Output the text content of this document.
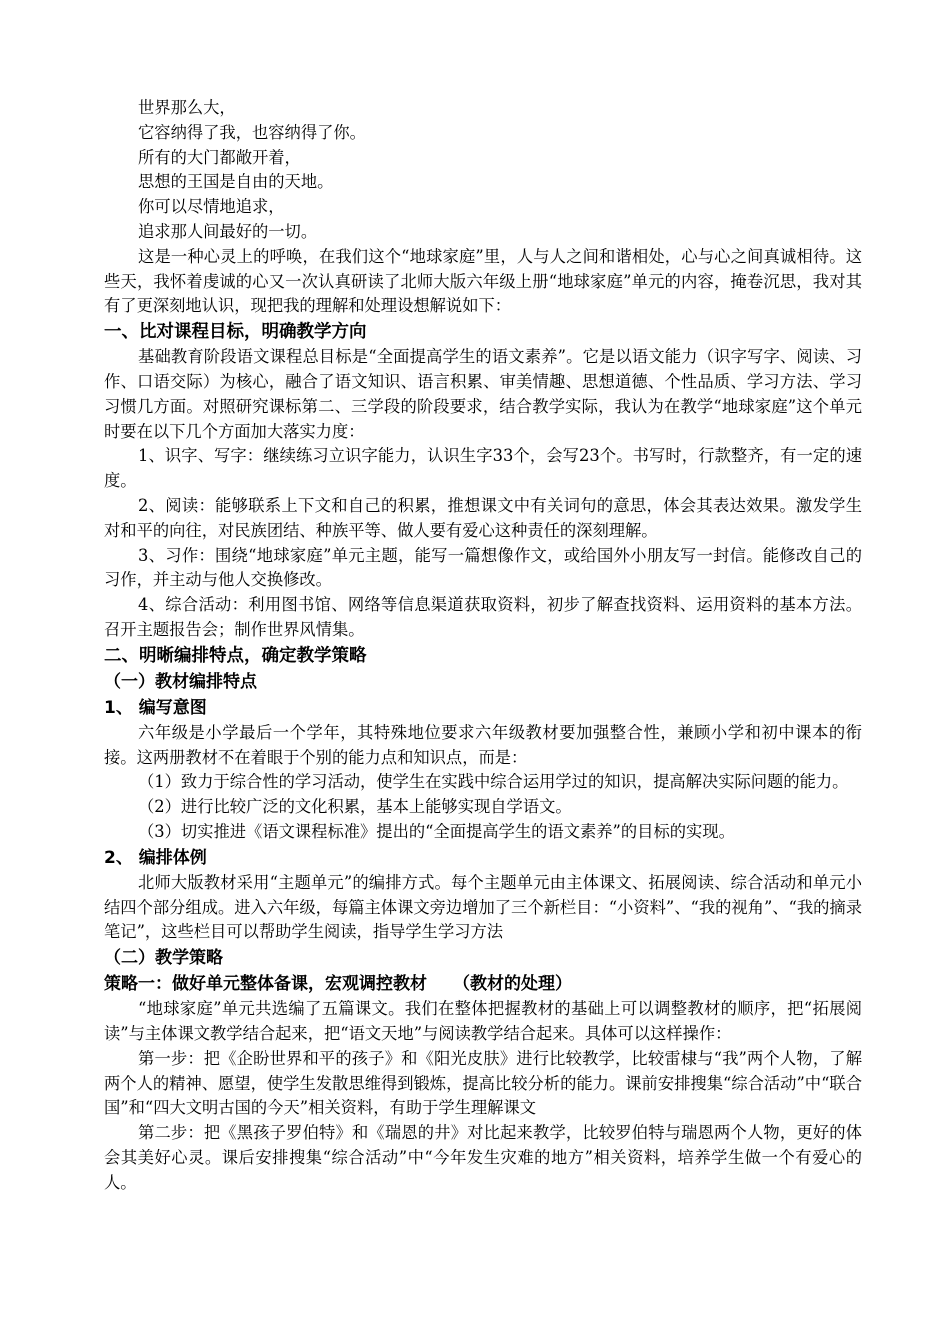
世界那么大，

它容纳得了我，也容纳得了你。

所有的大门都敞开着，

思想的王国是自由的天地。

你可以尽情地追求，

追求那人间最好的一切。

这是一种心灵上的呼唤，在我们这个“地球家庭”里，人与人之间和谐相处，心与心之间真诚相待。这些天，我怀着虔诚的心又一次认真研读了北师大版六年级上册“地球家庭”单元的内容，掩卷沉思，我对其有了更深刻地认识，现把我的理解和处理设想解说如下：

一、比对课程目标，明确教学方向

基础教育阶段语文课程总目标是“全面提高学生的语文素养”。它是以语文能力（识字写字、阅读、习作、口语交际）为核心，融合了语文知识、语言积累、审美情趣、思想道德、个性品质、学习方法、学习习惯几方面。对照研究课标第二、三学段的阶段要求，结合教学实际，我认为在教学“地球家庭”这个单元时要在以下几个方面加大落实力度：

1、识字、写字：继续练习立识字能力，认识生字33个，会写23个。书写时，行款整齐，有一定的速度。

2、阅读：能够联系上下文和自己的积累，推想课文中有关词句的意思，体会其表达效果。激发学生对和平的向往，对民族团结、种族平等、做人要有爱心这种责任的深刻理解。

3、习作：围绕“地球家庭”单元主题，能写一篇想像作文，或给国外小朋友写一封信。能修改自己的习作，并主动与他人交换修改。

4、综合活动：利用图书馆、网络等信息渠道获取资料，初步了解查找资料、运用资料的基本方法。召开主题报告会；制作世界风情集。

二、明晰编排特点，确定教学策略
（一）教材编排特点
1、 编写意图

六年级是小学最后一个学年，其特殊地位要求六年级教材要加强整合性，兼顾小学和初中课本的衔接。这两册教材不在着眼于个别的能力点和知识点，而是：

（1）致力于综合性的学习活动，使学生在实践中综合运用学过的知识，提高解决实际问题的能力。

（2）进行比较广泛的文化积累，基本上能够实现自学语文。

（3）切实推进《语文课程标准》提出的“全面提高学生的语文素养”的目标的实现。

2、 编排体例

北师大版教材采用“主题单元”的编排方式。每个主题单元由主体课文、拓展阅读、综合活动和单元小结四个部分组成。进入六年级，每篇主体课文旁边增加了三个新栏目：“小资料”、“我的视角”、“我的摘录笔记”，这些栏目可以帮助学生阅读，指导学生学习方法

（二）教学策略
策略一：做好单元整体备课，宏观调控教材 （教材的处理）

“地球家庭”单元共选编了五篇课文。我们在整体把握教材的基础上可以调整教材的顺序，把“拓展阅读”与主体课文教学结合起来，把“语文天地”与阅读教学结合起来。具体可以这样操作：

第一步：把《企盼世界和平的孩子》和《阳光皮肤》进行比较教学，比较雷棣与“我”两个人物，了解两个人的精神、愿望，使学生发散思维得到锻炼，提高比较分析的能力。课前安排搜集“综合活动”中“联合国”和“四大文明古国的今天”相关资料，有助于学生理解课文

第二步：把《黑孩子罗伯特》和《瑞恩的井》对比起来教学，比较罗伯特与瑞恩两个人物，更好的体会其美好心灵。课后安排搜集“综合活动”中“今年发生灾难的地方”相关资料，培养学生做一个有爱心的人。
